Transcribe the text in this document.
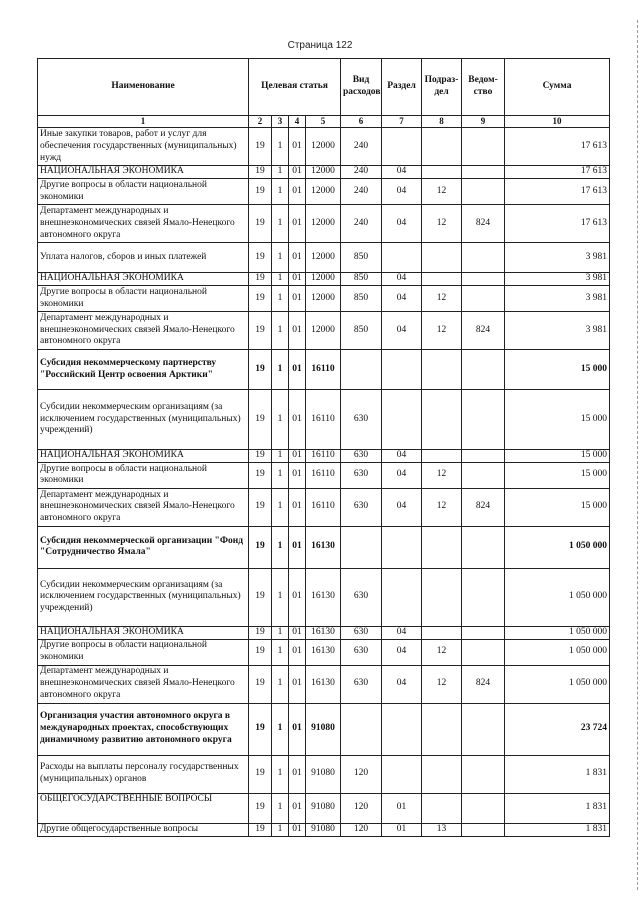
Страница 122
Наименование	Целевая статья				Вид расходов	Раздел	Подраз-дел	Ведом-ство	Сумма
1	2	3	4	5	6	7	8	9	10
Иные закупки товаров, работ и услуг для обеспечения государственных (муниципальных) нужд	19	1	01	12000	240				17 613
НАЦИОНАЛЬНАЯ ЭКОНОМИКА	19	1	01	12000	240	04			17 613
Другие вопросы в области национальной экономики	19	1	01	12000	240	04	12		17 613
Департамент международных и внешнеэкономических связей Ямало-Ненецкого автономного округа	19	1	01	12000	240	04	12	824	17 613
Уплата налогов, сборов и иных платежей	19	1	01	12000	850				3 981
НАЦИОНАЛЬНАЯ ЭКОНОМИКА	19	1	01	12000	850	04			3 981
Другие вопросы в области национальной экономики	19	1	01	12000	850	04	12		3 981
Департамент международных и внешнеэкономических связей Ямало-Ненецкого автономного округа	19	1	01	12000	850	04	12	824	3 981
Субсидия некоммерческому партнерству "Российский Центр освоения Арктики"	19	1	01	16110					15 000
Субсидии некоммерческим организациям (за исключением государственных (муниципальных) учреждений)	19	1	01	16110	630				15 000
НАЦИОНАЛЬНАЯ ЭКОНОМИКА	19	1	01	16110	630	04			15 000
Другие вопросы в области национальной экономики	19	1	01	16110	630	04	12		15 000
Департамент международных и внешнеэкономических связей Ямало-Ненецкого автономного округа	19	1	01	16110	630	04	12	824	15 000
Субсидия некоммерческой организации "Фонд "Сотрудничество Ямала"	19	1	01	16130					1 050 000
Субсидии некоммерческим организациям (за исключением государственных (муниципальных) учреждений)	19	1	01	16130	630				1 050 000
НАЦИОНАЛЬНАЯ ЭКОНОМИКА	19	1	01	16130	630	04			1 050 000
Другие вопросы в области национальной экономики	19	1	01	16130	630	04	12		1 050 000
Департамент международных и внешнеэкономических связей Ямало-Ненецкого автономного округа	19	1	01	16130	630	04	12	824	1 050 000
Организация участия автономного округа в международных проектах, способствующих динамичному развитию автономного округа	19	1	01	91080					23 724
Расходы на выплаты персоналу государственных (муниципальных) органов	19	1	01	91080	120				1 831
ОБЩЕГОСУДАРСТВЕННЫЕ ВОПРОСЫ	19	1	01	91080	120	01			1 831
Другие общегосударственные вопросы	19	1	01	91080	120	01	13		1 831
